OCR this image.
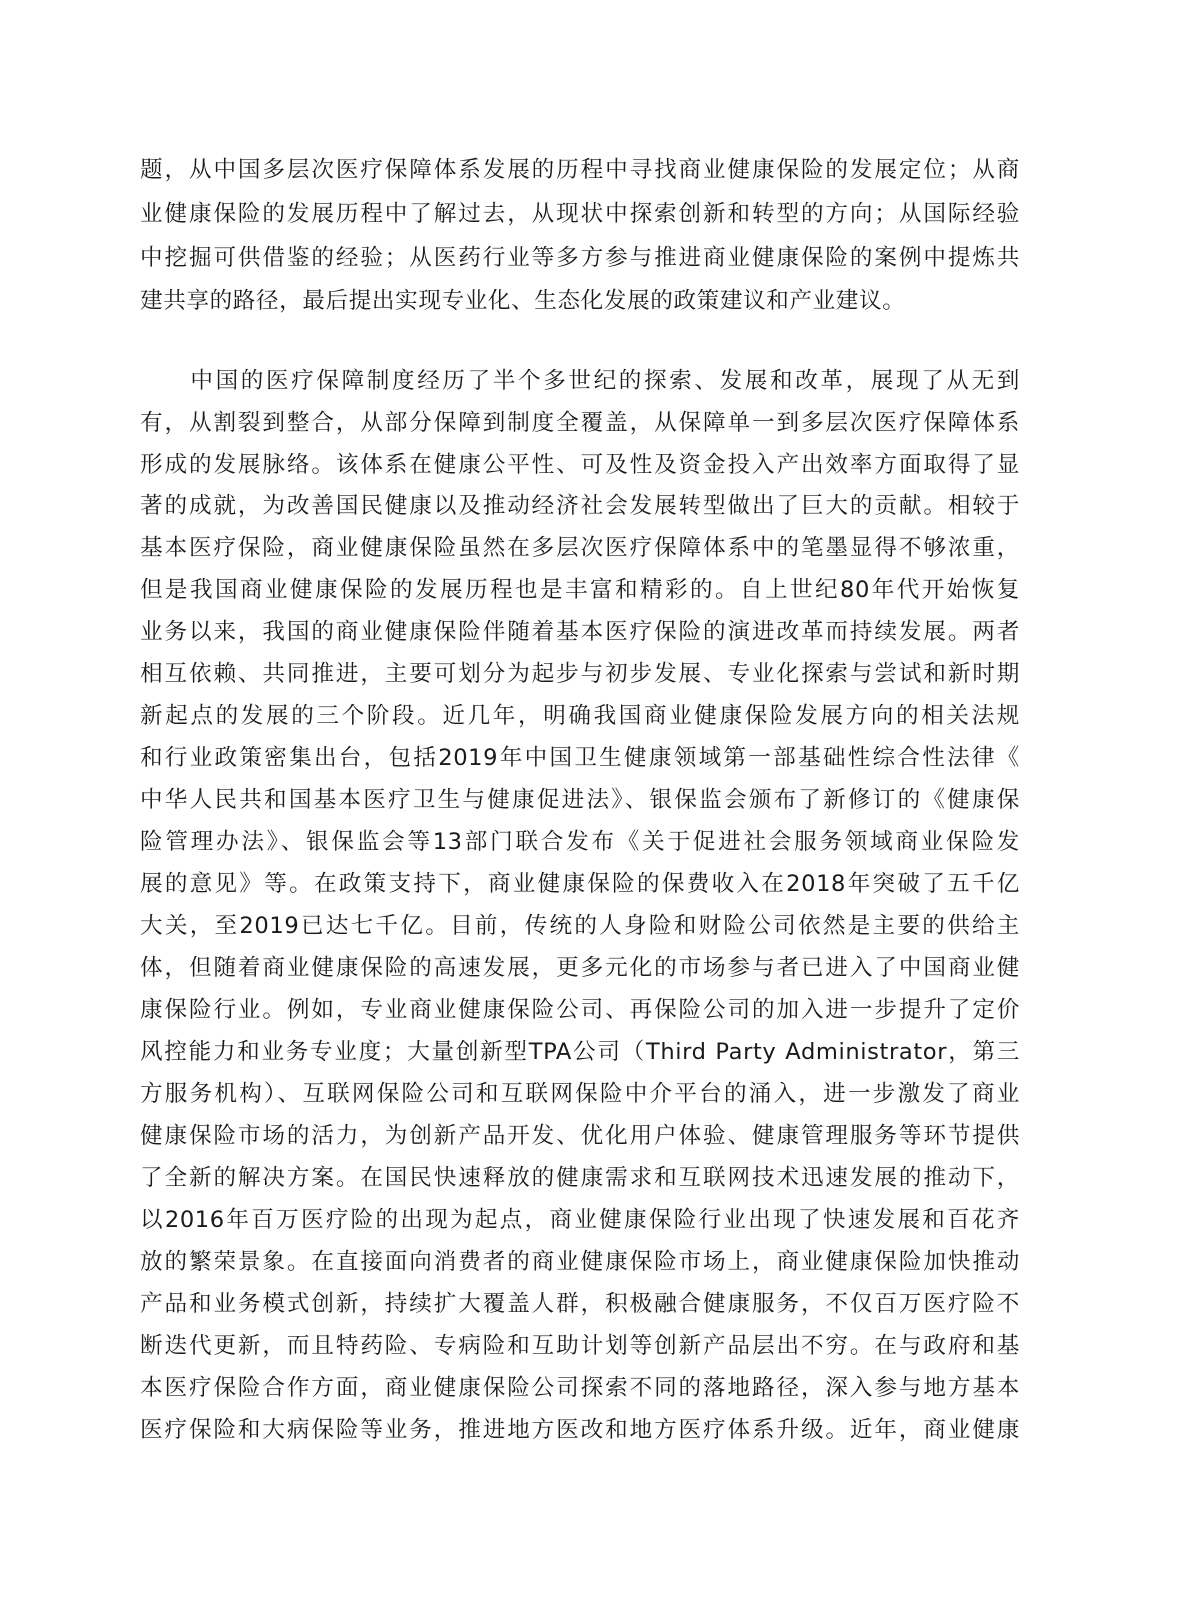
题，从中国多层次医疗保障体系发展的历程中寻找商业健康保险的发展定位；从商
业健康保险的发展历程中了解过去，从现状中探索创新和转型的方向；从国际经验
中挖掘可供借鉴的经验；从医药行业等多方参与推进商业健康保险的案例中提炼共
建共享的路径，最后提出实现专业化、生态化发展的政策建议和产业建议。
　　中国的医疗保障制度经历了半个多世纪的探索、发展和改革，展现了从无到
有，从割裂到整合，从部分保障到制度全覆盖，从保障单一到多层次医疗保障体系
形成的发展脉络。该体系在健康公平性、可及性及资金投入产出效率方面取得了显
著的成就，为改善国民健康以及推动经济社会发展转型做出了巨大的贡献。相较于
基本医疗保险，商业健康保险虽然在多层次医疗保障体系中的笔墨显得不够浓重，
但是我国商业健康保险的发展历程也是丰富和精彩的。自上世纪80年代开始恢复
业务以来，我国的商业健康保险伴随着基本医疗保险的演进改革而持续发展。两者
相互依赖、共同推进，主要可划分为起步与初步发展、专业化探索与尝试和新时期
新起点的发展的三个阶段。近几年，明确我国商业健康保险发展方向的相关法规
和行业政策密集出台，包括2019年中国卫生健康领域第一部基础性综合性法律《
中华人民共和国基本医疗卫生与健康促进法》、银保监会颁布了新修订的《健康保
险管理办法》、银保监会等13部门联合发布《关于促进社会服务领域商业保险发
展的意见》等。在政策支持下，商业健康保险的保费收入在2018年突破了五千亿
大关，至2019已达七千亿。目前，传统的人身险和财险公司依然是主要的供给主
体，但随着商业健康保险的高速发展，更多元化的市场参与者已进入了中国商业健
康保险行业。例如，专业商业健康保险公司、再保险公司的加入进一步提升了定价
风控能力和业务专业度；大量创新型TPA公司（Third Party Administrator，第三
方服务机构）、互联网保险公司和互联网保险中介平台的涌入，进一步激发了商业
健康保险市场的活力，为创新产品开发、优化用户体验、健康管理服务等环节提供
了全新的解决方案。在国民快速释放的健康需求和互联网技术迅速发展的推动下，
以2016年百万医疗险的出现为起点，商业健康保险行业出现了快速发展和百花齐
放的繁荣景象。在直接面向消费者的商业健康保险市场上，商业健康保险加快推动
产品和业务模式创新，持续扩大覆盖人群，积极融合健康服务，不仅百万医疗险不
断迭代更新，而且特药险、专病险和互助计划等创新产品层出不穷。在与政府和基
本医疗保险合作方面，商业健康保险公司探索不同的落地路径，深入参与地方基本
医疗保险和大病保险等业务，推进地方医改和地方医疗体系升级。近年，商业健康
